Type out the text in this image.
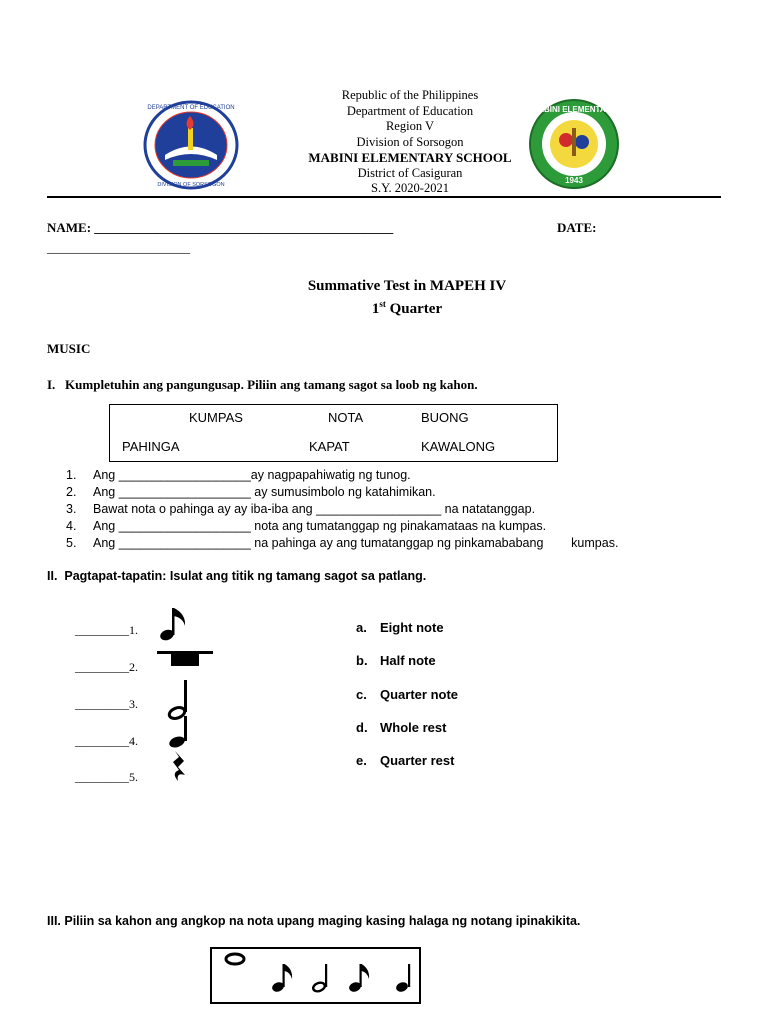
DEPARTMENT OF EDUCATION
DIVISION OF SORSOGON
MABINI ELEMENTARY
1943
Republic of the Philippines
Department of Education
Region V
Division of Sorsogon
MABINI ELEMENTARY SCHOOL
District of Casiguran
S.Y. 2020-2021
NAME: ______________________________________________	DATE:
______________________
Summative Test in MAPEH IV
1st Quarter
MUSIC
I.   Kumpletuhin ang pangungusap. Piliin ang tamang sagot sa loob ng kahon.
KUMPAS	NOTA	BUONG
PAHINGA	KAPAT	KAWALONG
1. Ang ___________________ay nagpapahiwatig ng tunog.
2. Ang ___________________ ay sumusimbolo ng katahimikan.
3. Bawat nota o pahinga ay ay iba-iba ang __________________ na natatanggap.
4. Ang ___________________ nota ang tumatanggap ng pinakamataas na kumpas.
5. Ang ___________________ na pahinga ay ang tumatanggap ng pinkamababang        kumpas.
II.  Pagtapat-tapatin: Isulat ang titik ng tamang sagot sa patlang.
_________1.
_________2.
_________3.
_________4.
_________5.
a. Eight note
b. Half note
c. Quarter note
d. Whole rest
e. Quarter rest
III. Piliin sa kahon ang angkop na nota upang maging kasing halaga ng notang ipinakikita.
